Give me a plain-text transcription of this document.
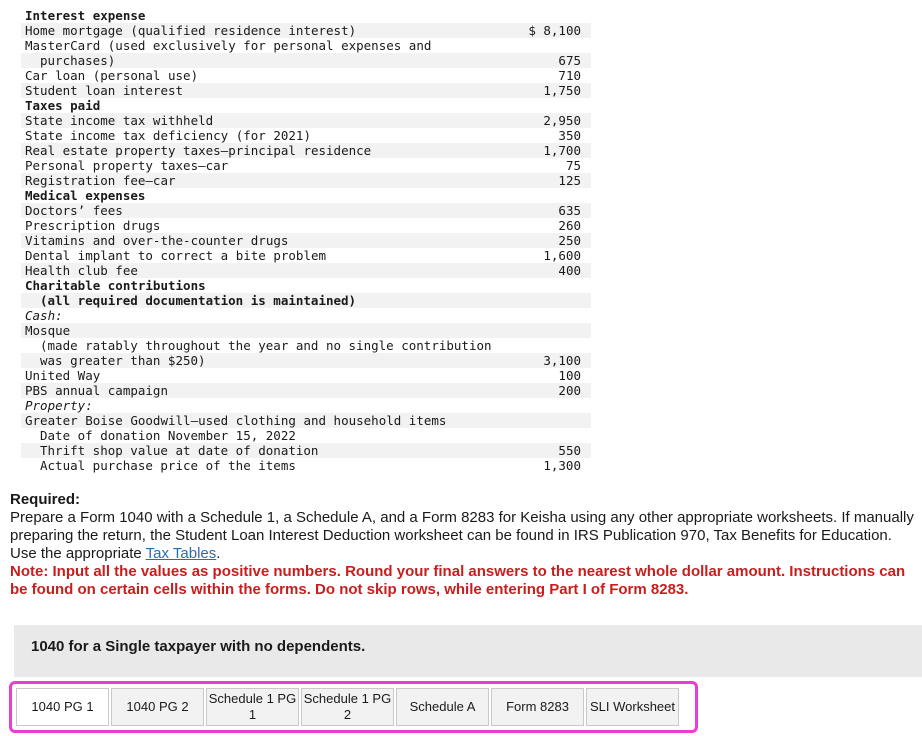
Interest expense
Home mortgage (qualified residence interest)	$ 8,100
MasterCard (used exclusively for personal expenses and
purchases)	675
Car loan (personal use)	710
Student loan interest	1,750
Taxes paid
State income tax withheld	2,950
State income tax deficiency (for 2021)	350
Real estate property taxes—principal residence	1,700
Personal property taxes—car	75
Registration fee—car	125
Medical expenses
Doctors’ fees	635
Prescription drugs	260
Vitamins and over-the-counter drugs	250
Dental implant to correct a bite problem	1,600
Health club fee	400
Charitable contributions
(all required documentation is maintained)
Cash:
Mosque
(made ratably throughout the year and no single contribution
was greater than $250)	3,100
United Way	100
PBS annual campaign	200
Property:
Greater Boise Goodwill—used clothing and household items
Date of donation November 15, 2022
Thrift shop value at date of donation	550
Actual purchase price of the items	1,300
Required:
Prepare a Form 1040 with a Schedule 1, a Schedule A, and a Form 8283 for Keisha using any other appropriate worksheets. If manually preparing the return, the Student Loan Interest Deduction worksheet can be found in IRS Publication 970, Tax Benefits for Education. Use the appropriate Tax Tables.
Note: Input all the values as positive numbers. Round your final answers to the nearest whole dollar amount. Instructions can be found on certain cells within the forms. Do not skip rows, while entering Part I of Form 8283.
1040 for a Single taxpayer with no dependents.
1040 PG 1	1040 PG 2
Schedule 1 PG 1
Schedule 1 PG 2
Schedule A	Form 8283	SLI Worksheet
